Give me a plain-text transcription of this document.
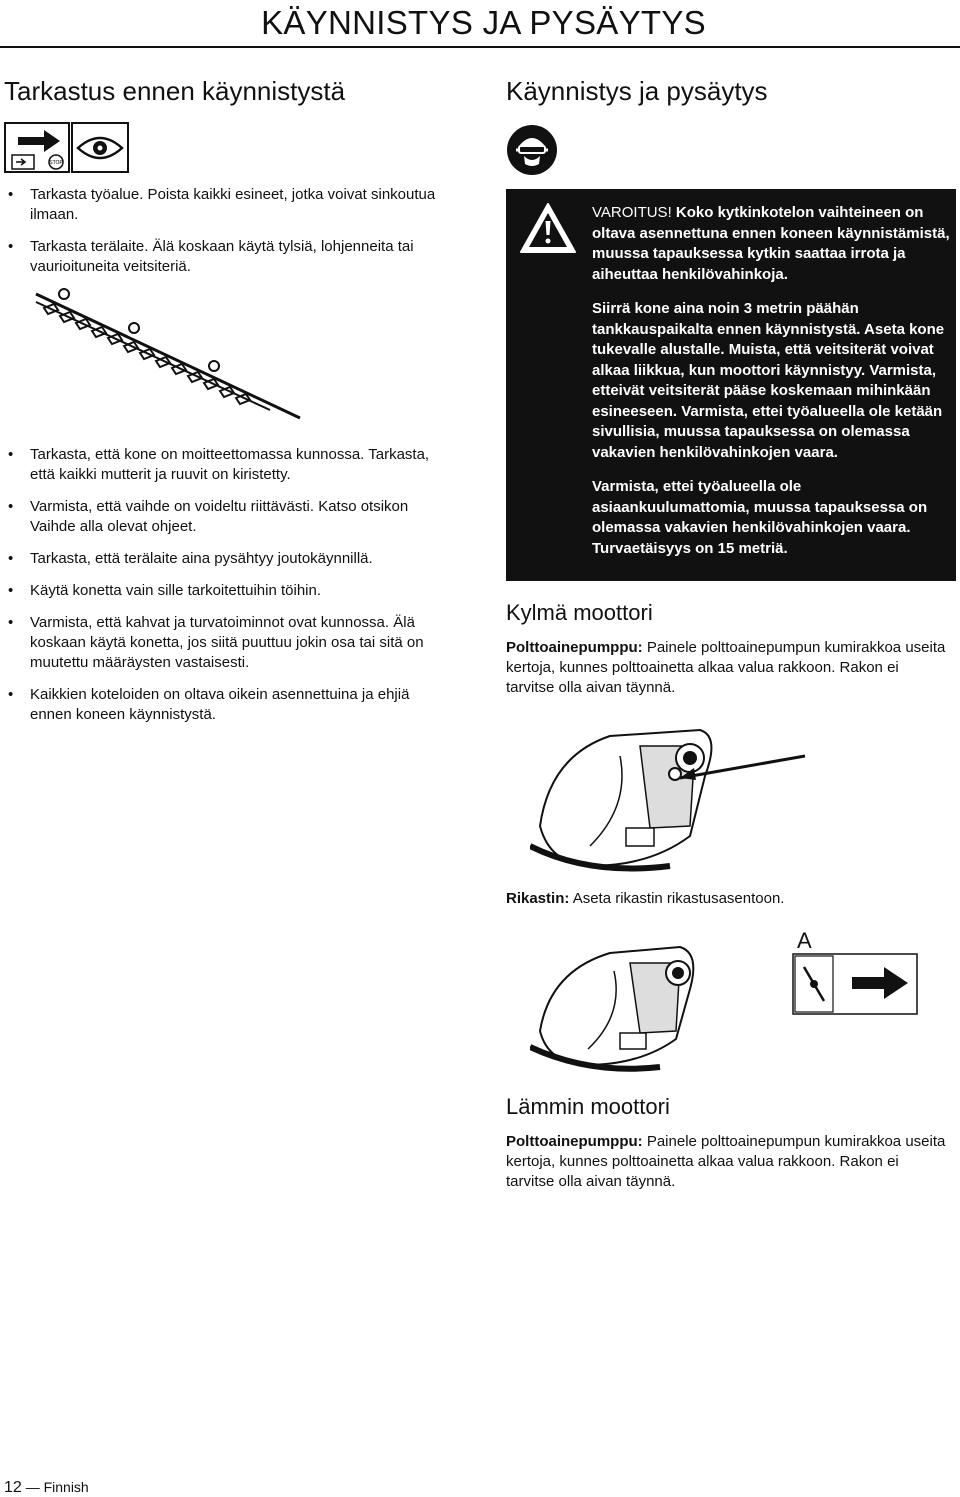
KÄYNNISTYS JA PYSÄYTYS
Tarkastus ennen käynnistystä
STOP
• Tarkasta työalue. Poista kaikki esineet, jotka voivat sinkoutua ilmaan.
• Tarkasta terälaite. Älä koskaan käytä tylsiä, lohjenneita tai vaurioituneita veitsiteriä.
• Tarkasta, että kone on moitteettomassa kunnossa. Tarkasta, että kaikki mutterit ja ruuvit on kiristetty.
• Varmista, että vaihde on voideltu riittävästi. Katso otsikon Vaihde alla olevat ohjeet.
• Tarkasta, että terälaite aina pysähtyy joutokäynnillä.
• Käytä konetta vain sille tarkoitettuihin töihin.
• Varmista, että kahvat ja turvatoiminnot ovat kunnossa. Älä koskaan käytä konetta, jos siitä puuttuu jokin osa tai sitä on muutettu määräysten vastaisesti.
• Kaikkien koteloiden on oltava oikein asennettuina ja ehjiä ennen koneen käynnistystä.
Käynnistys ja pysäytys

VAROITUS! Koko kytkinkotelon vaihteineen on oltava asennettuna ennen koneen käynnistämistä, muussa tapauksessa kytkin saattaa irrota ja aiheuttaa henkilövahinkoja.

Siirrä kone aina noin 3 metrin päähän tankkauspaikalta ennen käynnistystä. Aseta kone tukevalle alustalle. Muista, että veitsiterät voivat alkaa liikkua, kun moottori käynnistyy. Varmista, etteivät veitsiterät pääse koskemaan mihinkään esineeseen. Varmista, ettei työalueella ole ketään sivullisia, muussa tapauksessa on olemassa vakavien henkilövahinkojen vaara.

Varmista, ettei työalueella ole asiaankuulumattomia, muussa tapauksessa on olemassa vakavien henkilövahinkojen vaara. Turvaetäisyys on 15 metriä.

Kylmä moottori

Polttoainepumppu: Painele polttoainepumpun kumirakkoa useita kertoja, kunnes polttoainetta alkaa valua rakkoon. Rakon ei tarvitse olla aivan täynnä.

Rikastin: Aseta rikastin rikastusasentoon.

A
Lämmin moottori

Polttoainepumppu: Painele polttoainepumpun kumirakkoa useita kertoja, kunnes polttoainetta alkaa valua rakkoon. Rakon ei tarvitse olla aivan täynnä.

12 — Finnish
